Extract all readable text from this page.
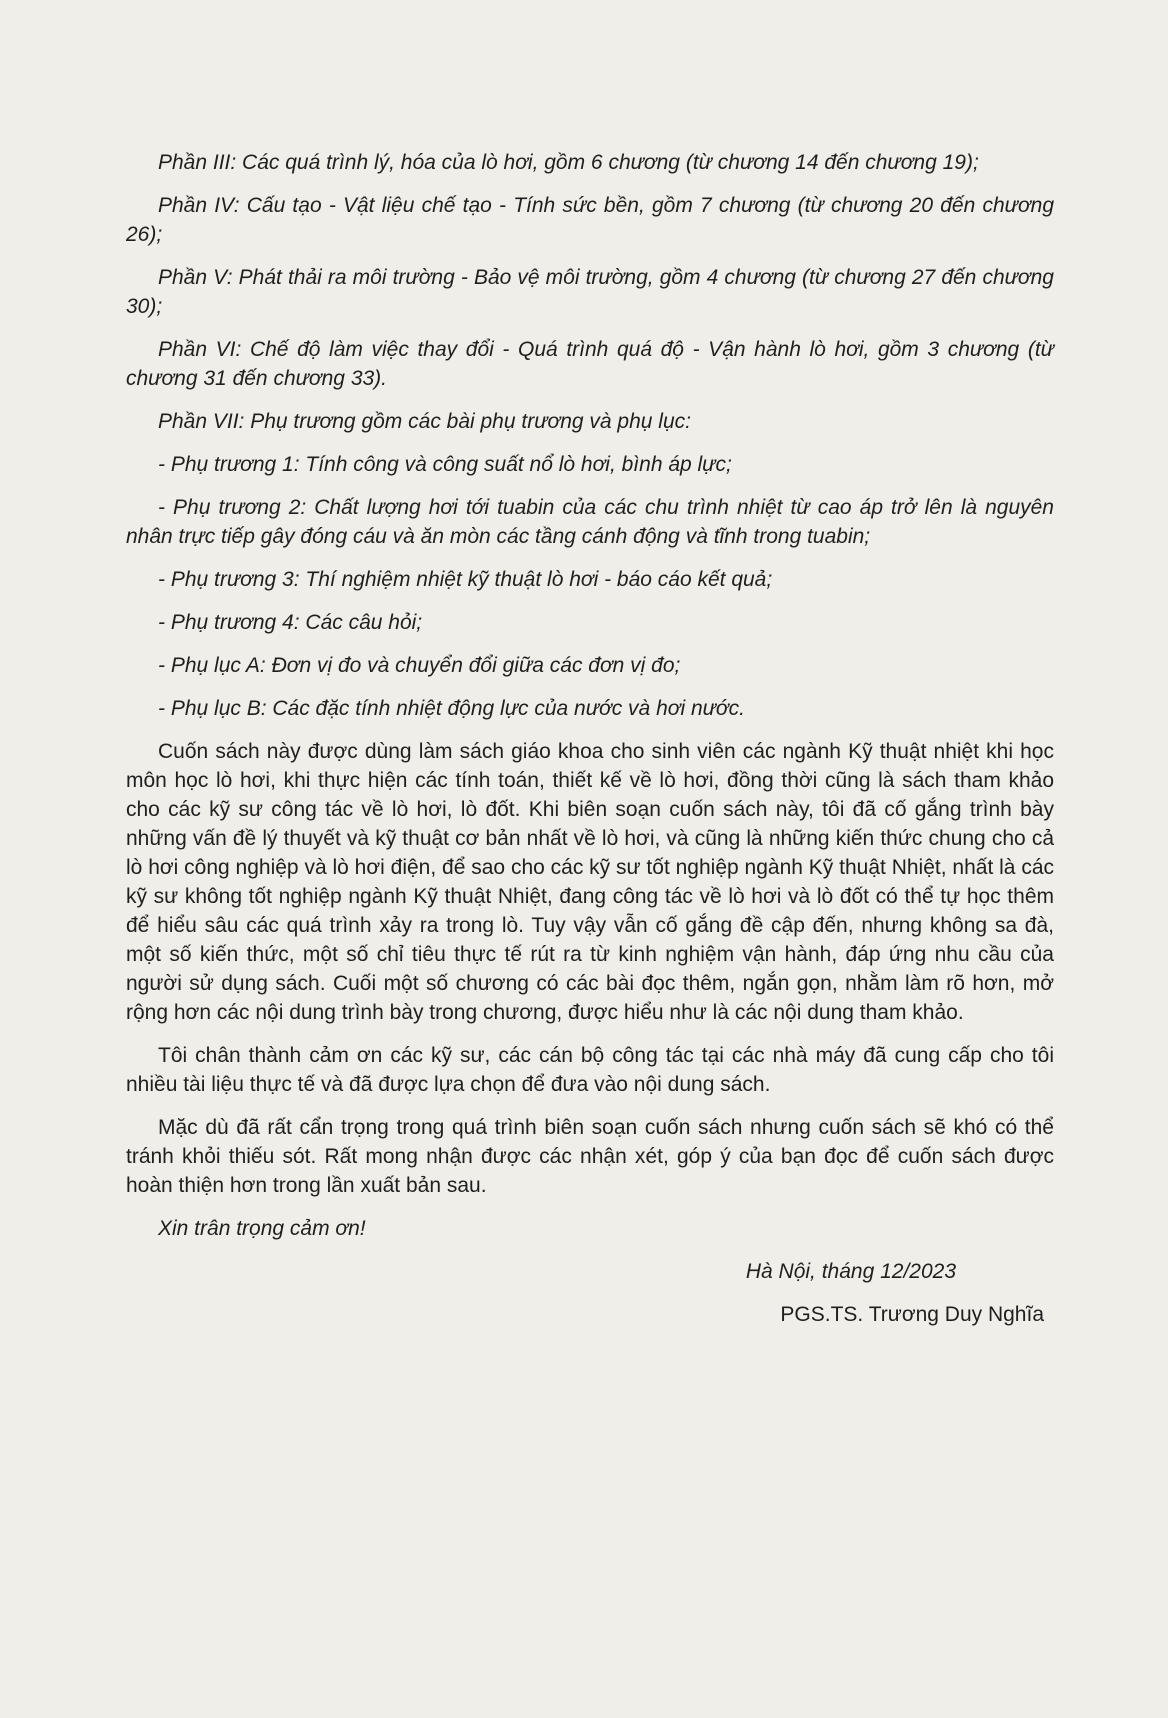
Phần III: Các quá trình lý, hóa của lò hơi, gồm 6 chương (từ chương 14 đến chương 19);

Phần IV: Cấu tạo - Vật liệu chế tạo - Tính sức bền, gồm 7 chương (từ chương 20 đến chương 26);

Phần V: Phát thải ra môi trường - Bảo vệ môi trường, gồm 4 chương (từ chương 27 đến chương 30);

Phần VI: Chế độ làm việc thay đổi - Quá trình quá độ - Vận hành lò hơi, gồm 3 chương (từ chương 31 đến chương 33).

Phần VII: Phụ trương gồm các bài phụ trương và phụ lục:

- Phụ trương 1: Tính công và công suất nổ lò hơi, bình áp lực;

- Phụ trương 2: Chất lượng hơi tới tuabin của các chu trình nhiệt từ cao áp trở lên là nguyên nhân trực tiếp gây đóng cáu và ăn mòn các tầng cánh động và tĩnh trong tuabin;

- Phụ trương 3: Thí nghiệm nhiệt kỹ thuật lò hơi - báo cáo kết quả;

- Phụ trương 4: Các câu hỏi;

- Phụ lục A: Đơn vị đo và chuyển đổi giữa các đơn vị đo;

- Phụ lục B: Các đặc tính nhiệt động lực của nước và hơi nước.

Cuốn sách này được dùng làm sách giáo khoa cho sinh viên các ngành Kỹ thuật nhiệt khi học môn học lò hơi, khi thực hiện các tính toán, thiết kế về lò hơi, đồng thời cũng là sách tham khảo cho các kỹ sư công tác về lò hơi, lò đốt. Khi biên soạn cuốn sách này, tôi đã cố gắng trình bày những vấn đề lý thuyết và kỹ thuật cơ bản nhất về lò hơi, và cũng là những kiến thức chung cho cả lò hơi công nghiệp và lò hơi điện, để sao cho các kỹ sư tốt nghiệp ngành Kỹ thuật Nhiệt, nhất là các kỹ sư không tốt nghiệp ngành Kỹ thuật Nhiệt, đang công tác về lò hơi và lò đốt có thể tự học thêm để hiểu sâu các quá trình xảy ra trong lò. Tuy vậy vẫn cố gắng đề cập đến, nhưng không sa đà, một số kiến thức, một số chỉ tiêu thực tế rút ra từ kinh nghiệm vận hành, đáp ứng nhu cầu của người sử dụng sách. Cuối một số chương có các bài đọc thêm, ngắn gọn, nhằm làm rõ hơn, mở rộng hơn các nội dung trình bày trong chương, được hiểu như là các nội dung tham khảo.

Tôi chân thành cảm ơn các kỹ sư, các cán bộ công tác tại các nhà máy đã cung cấp cho tôi nhiều tài liệu thực tế và đã được lựa chọn để đưa vào nội dung sách.

Mặc dù đã rất cẩn trọng trong quá trình biên soạn cuốn sách nhưng cuốn sách sẽ khó có thể tránh khỏi thiếu sót. Rất mong nhận được các nhận xét, góp ý của bạn đọc để cuốn sách được hoàn thiện hơn trong lần xuất bản sau.

Xin trân trọng cảm ơn!

Hà Nội, tháng 12/2023

PGS.TS. Trương Duy Nghĩa
